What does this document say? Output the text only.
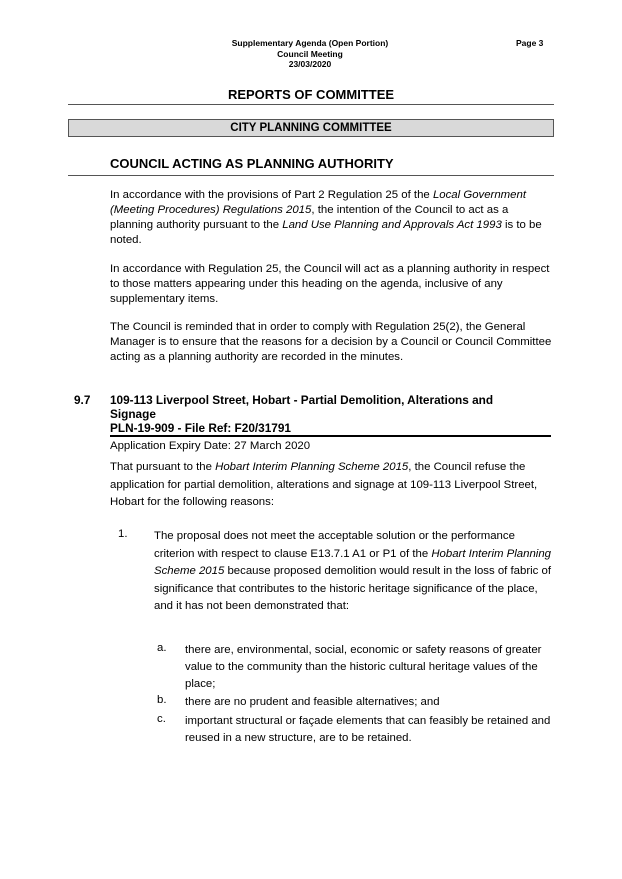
Supplementary Agenda (Open Portion)
Council Meeting
23/03/2020
Page 3
REPORTS OF COMMITTEE
CITY PLANNING COMMITTEE
COUNCIL ACTING AS PLANNING AUTHORITY
In accordance with the provisions of Part 2 Regulation 25 of the Local Government (Meeting Procedures) Regulations 2015, the intention of the Council to act as a planning authority pursuant to the Land Use Planning and Approvals Act 1993 is to be noted.
In accordance with Regulation 25, the Council will act as a planning authority in respect to those matters appearing under this heading on the agenda, inclusive of any supplementary items.
The Council is reminded that in order to comply with Regulation 25(2), the General Manager is to ensure that the reasons for a decision by a Council or Council Committee acting as a planning authority are recorded in the minutes.
9.7 109-113 Liverpool Street, Hobart - Partial Demolition, Alterations and
Signage
PLN-19-909 - File Ref: F20/31791
Application Expiry Date: 27 March 2020
That pursuant to the Hobart Interim Planning Scheme 2015, the Council refuse the application for partial demolition, alterations and signage at 109-113 Liverpool Street, Hobart for the following reasons:
1. The proposal does not meet the acceptable solution or the performance criterion with respect to clause E13.7.1 A1 or P1 of the Hobart Interim Planning Scheme 2015 because proposed demolition would result in the loss of fabric of significance that contributes to the historic heritage significance of the place, and it has not been demonstrated that:
a. there are, environmental, social, economic or safety reasons of greater value to the community than the historic cultural heritage values of the place;
b. there are no prudent and feasible alternatives; and
c. important structural or façade elements that can feasibly be retained and reused in a new structure, are to be retained.
